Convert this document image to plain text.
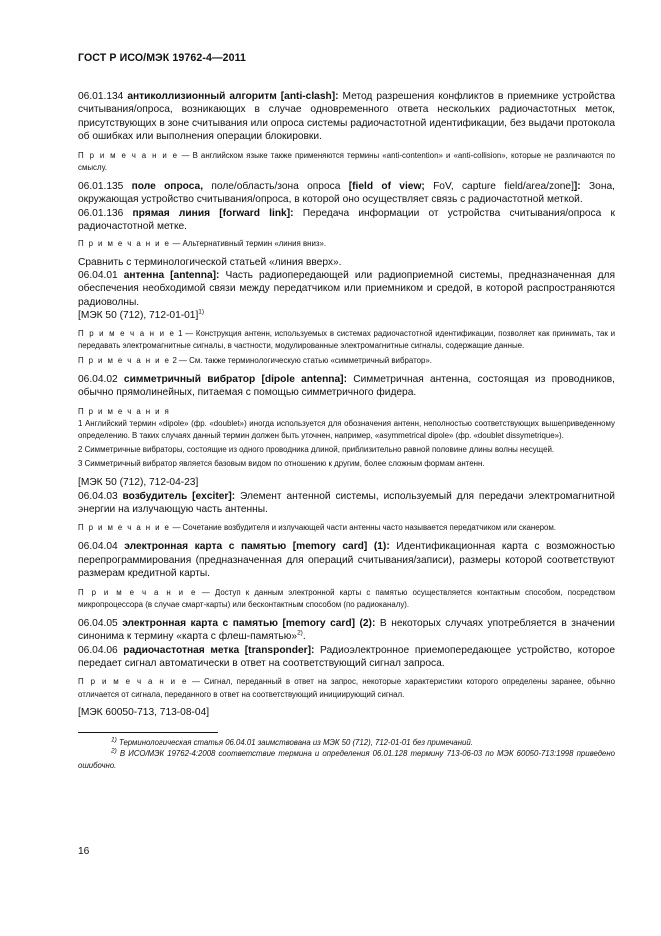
ГОСТ Р ИСО/МЭК 19762-4—2011

06.01.134 антиколлизионный алгоритм [anti-clash]: Метод разрешения конфликтов в приемнике устройства считывания/опроса, возникающих в случае одновременного ответа нескольких радиочастотных меток, присутствующих в зоне считывания или опроса системы радиочастотной идентификации, без выдачи протокола об ошибках или выполнения операции блокировки.

П р и м е ч а н и е — В английском языке также применяются термины «anti-contention» и «anti-collision», которые не различаются по смыслу.

06.01.135 поле опроса, поле/область/зона опроса [field of view; FoV, capture field/area/zone]]: Зона, окружающая устройство считывания/опроса, в которой оно осуществляет связь с радиочастотной меткой.

06.01.136 прямая линия [forward link]: Передача информации от устройства считывания/опроса к радиочастотной метке.

П р и м е ч а н и е — Альтернативный термин «линия вниз».

Сравнить с терминологической статьей «линия вверх».

06.04.01 антенна [antenna]: Часть радиопередающей или радиоприемной системы, предназначенная для обеспечения необходимой связи между передатчиком или приемником и средой, в которой распространяются радиоволны.

[МЭК 50 (712), 712-01-01]$^{1)}$

П р и м е ч а н и е 1 — Конструкция антенн, используемых в системах радиочастотной идентификации, позволяет как принимать, так и передавать электромагнитные сигналы, в частности, модулированные электромагнитные сигналы, содержащие данные.

П р и м е ч а н и е 2 — См. также терминологическую статью «симметричный вибратор».

06.04.02 симметричный вибратор [dipole antenna]: Симметричная антенна, состоящая из проводников, обычно прямолинейных, питаемая с помощью симметричного фидера.

П р и м е ч а н и я

1 Английский термин «dipole» (фр. «doublet») иногда используется для обозначения антенн, неполностью соответствующих вышеприведенному определению. В таких случаях данный термин должен быть уточнен, например, «asymmetrical dipole» (фр. «doublet dissymetrique»).

2 Симметричные вибраторы, состоящие из одного проводника длиной, приблизительно равной половине длины волны несущей.

3 Симметричный вибратор является базовым видом по отношению к другим, более сложным формам антенн.

[МЭК 50 (712), 712-04-23]

06.04.03 возбудитель [exciter]: Элемент антенной системы, используемый для передачи электромагнитной энергии на излучающую часть антенны.

П р и м е ч а н и е — Сочетание возбудителя и излучающей части антенны часто называется передатчиком или сканером.

06.04.04 электронная карта с памятью [memory card] (1): Идентификационная карта с возможностью перепрограммирования (предназначенная для операций считывания/записи), размеры которой соответствуют размерам кредитной карты.

П р и м е ч а н и е — Доступ к данным электронной карты с памятью осуществляется контактным способом, посредством микропроцессора (в случае смарт-карты) или бесконтактным способом (по радиоканалу).

06.04.05 электронная карта с памятью [memory card] (2): В некоторых случаях употребляется в значении синонима к термину «карта с флеш-памятью»$^{2)}$.

06.04.06 радиочастотная метка [transponder]: Радиоэлектронное приемопередающее устройство, которое передает сигнал автоматически в ответ на соответствующий сигнал запроса.

П р и м е ч а н и е — Сигнал, переданный в ответ на запрос, некоторые характеристики которого определены заранее, обычно отличается от сигнала, переданного в ответ на соответствующий инициирующий сигнал.

[МЭК 60050-713, 713-08-04]

$^{1)}$ Терминологическая статья 06.04.01 заимствована из МЭК 50 (712), 712-01-01 без примечаний.

$^{2)}$ В ИСО/МЭК 19762-4:2008 соответствие термина и определения 06.01.128 термину 713-06-03 по МЭК 60050-713:1998 приведено ошибочно.

16
